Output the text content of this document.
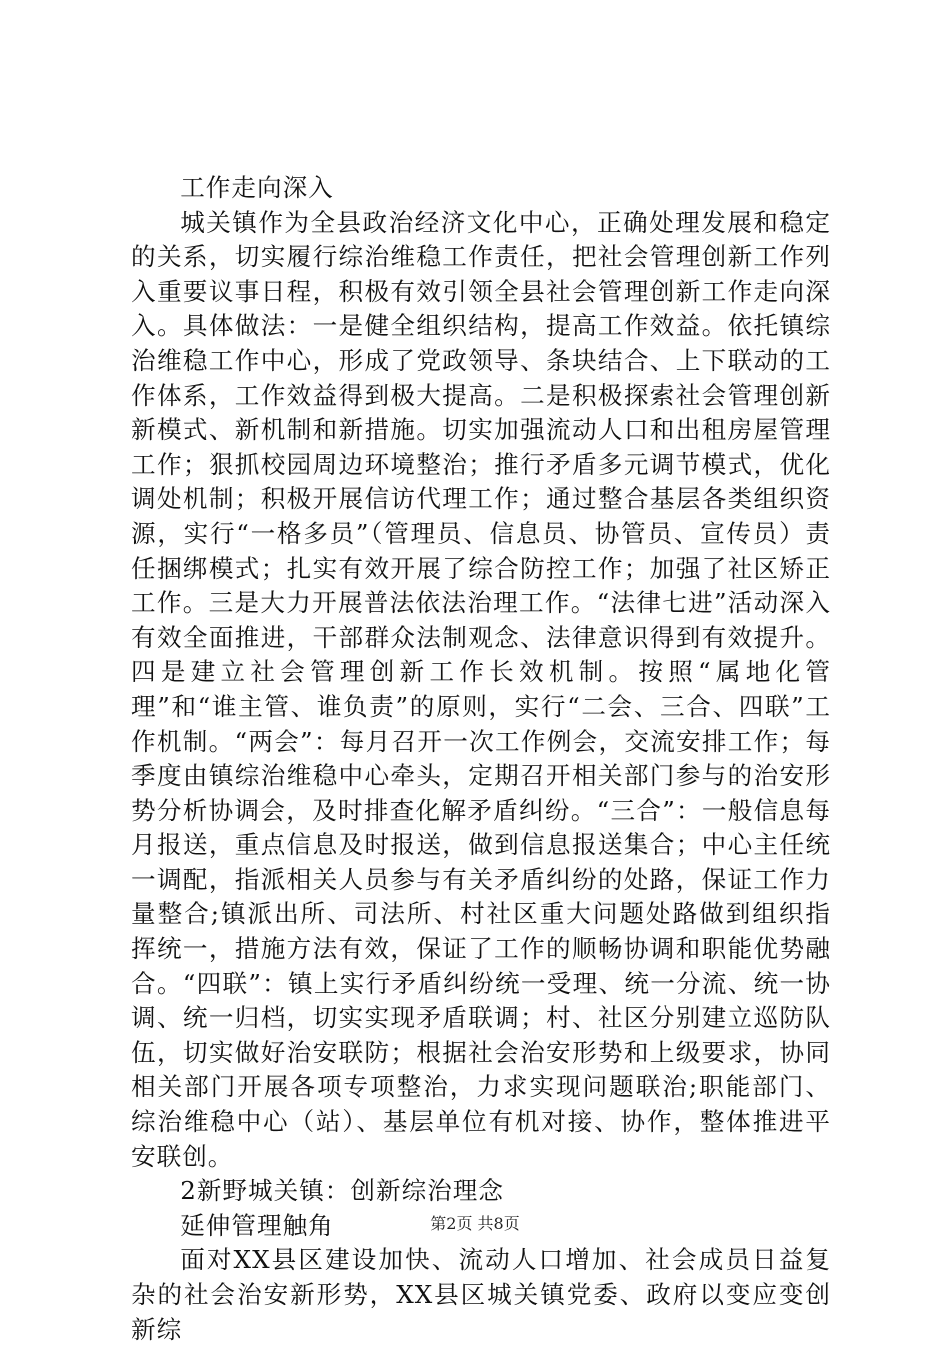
工作走向深入

城关镇作为全县政治经济文化中心，正确处理发展和稳定的关系，切实履行综治维稳工作责任，把社会管理创新工作列入重要议事日程，积极有效引领全县社会管理创新工作走向深入。具体做法：一是健全组织结构，提高工作效益。依托镇综治维稳工作中心，形成了党政领导、条块结合、上下联动的工作体系，工作效益得到极大提高。二是积极探索社会管理创新新模式、新机制和新措施。切实加强流动人口和出租房屋管理工作；狠抓校园周边环境整治；推行矛盾多元调节模式，优化调处机制；积极开展信访代理工作；通过整合基层各类组织资源，实行“一格多员”（管理员、信息员、协管员、宣传员）责任捆绑模式；扎实有效开展了综合防控工作；加强了社区矫正工作。三是大力开展普法依法治理工作。“法律七进”活动深入有效全面推进，干部群众法制观念、法律意识得到有效提升。四是建立社会管理创新工作长效机制。按照“属地化管理”和“谁主管、谁负责”的原则，实行“二会、三合、四联”工作机制。“两会”：每月召开一次工作例会，交流安排工作；每季度由镇综治维稳中心牵头，定期召开相关部门参与的治安形势分析协调会，及时排查化解矛盾纠纷。“三合”：一般信息每月报送，重点信息及时报送，做到信息报送集合；中心主任统一调配，指派相关人员参与有关矛盾纠纷的处路，保证工作力量整合;镇派出所、司法所、村社区重大问题处路做到组织指挥统一，措施方法有效，保证了工作的顺畅协调和职能优势融合。“四联”：镇上实行矛盾纠纷统一受理、统一分流、统一协调、统一归档，切实实现矛盾联调；村、社区分别建立巡防队伍，切实做好治安联防；根据社会治安形势和上级要求，协同相关部门开展各项专项整治，力求实现问题联治;职能部门、综治维稳中心（站）、基层单位有机对接、协作，整体推进平安联创。

2新野城关镇：创新综治理念

延伸管理触角

面对XX县区建设加快、流动人口增加、社会成员日益复杂的社会治安新形势，XX县区城关镇党委、政府以变应变创新综

第2页 共8页
